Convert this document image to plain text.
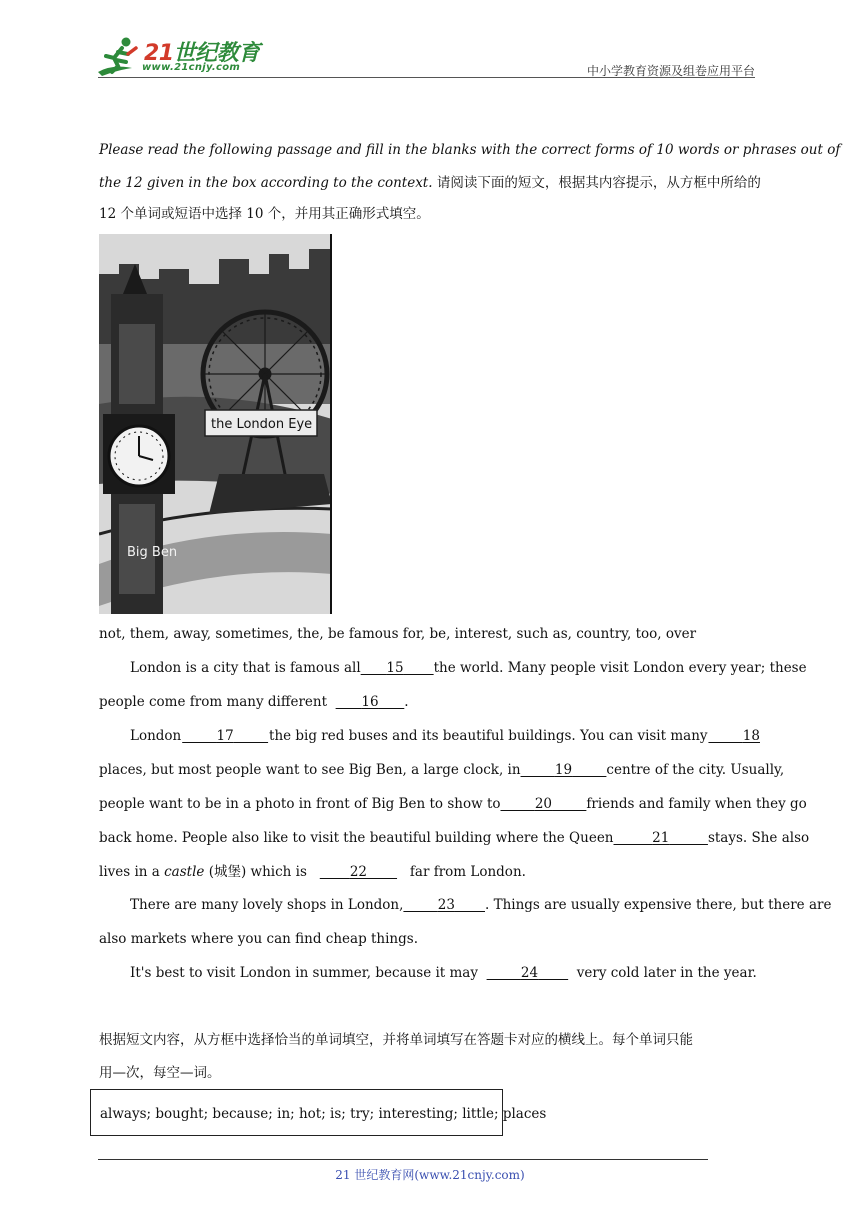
21世纪教育
www.21cnjy.com	中小学教育资源及组卷应用平台
Please read the following passage and fill in the blanks with the correct forms of 10 words or phrases out of
the 12 given in the box according to the context. 请阅读下面的短文，根据其内容提示，从方框中所给的
12 个单词或短语中选择 10 个，并用其正确形式填空。
the London Eye
Big Ben
not, them, away, sometimes, the, be famous for, be, interest, such as, country, too, over
London is a city that is famous all	15	the world. Many people visit London every year; these
people come from many different	16 .
London	17	the big red buses and its beautiful buildings. You can visit many	18
places, but most people want to see Big Ben, a large clock, in	19	centre of the city. Usually,
people want to be in a photo in front of Big Ben to show to	20	friends and family when they go
back home. People also like to visit the beautiful building where the Queen	21	stays. She also
lives in a castle (城堡) which is	22	far from London.
There are many lovely shops in London,	23 . Things are usually expensive there, but there are
also markets where you can find cheap things.
It's best to visit London in summer, because it may	24	very cold later in the year.
根据短文内容，从方框中选择恰当的单词填空，并将单词填写在答题卡对应的横线上。每个单词只能
用—次，每空—词。
always; bought; because; in; hot; is; try; interesting; little; places
21 世纪教育网(www.21cnjy.com)
